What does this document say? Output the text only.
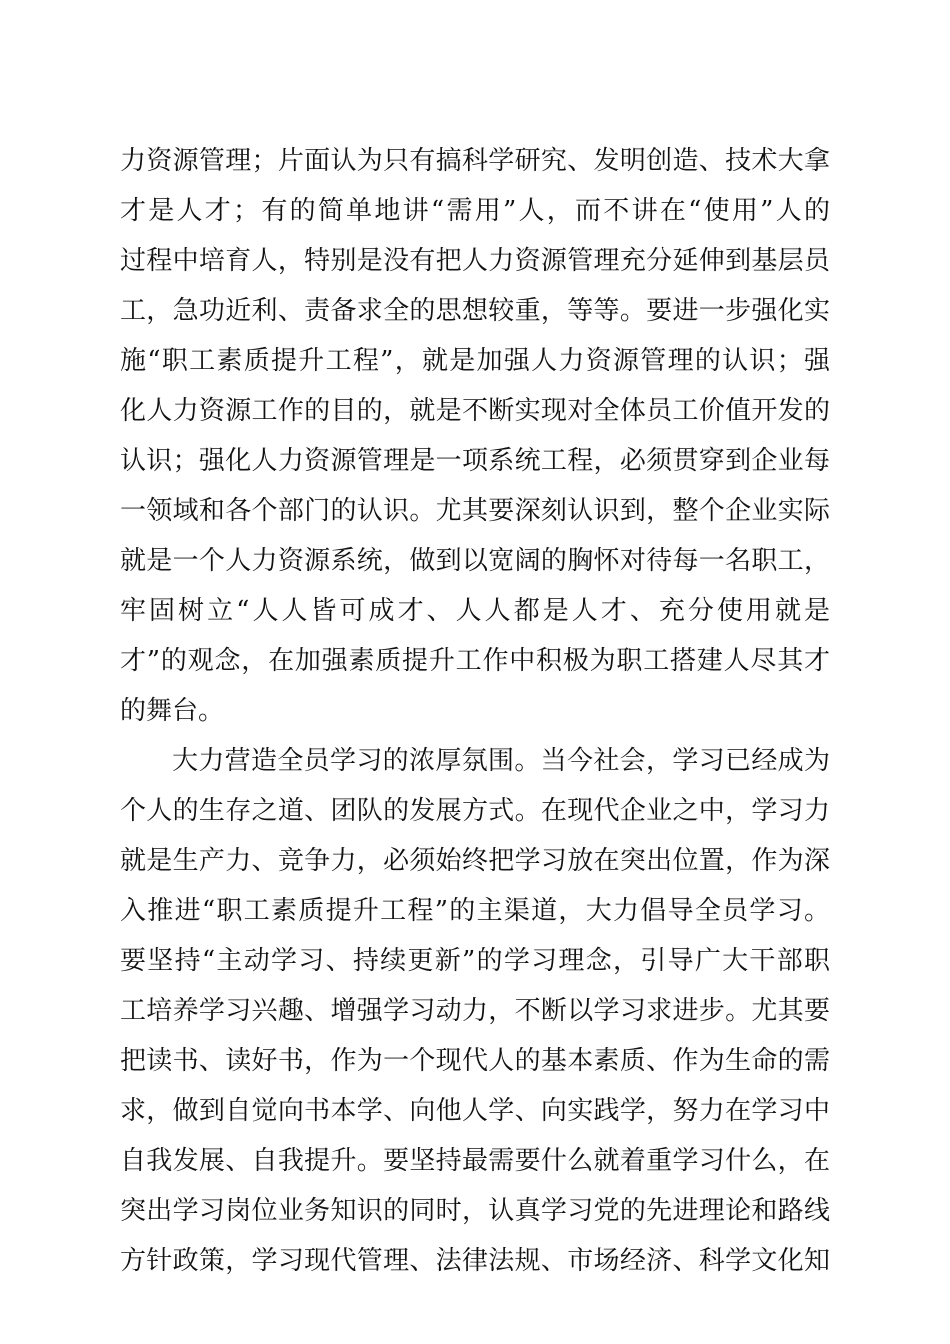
力资源管理；片面认为只有搞科学研究、发明创造、技术大拿
才是人才；有的简单地讲“需用”人，而不讲在“使用”人的
过程中培育人，特别是没有把人力资源管理充分延伸到基层员
工，急功近利、责备求全的思想较重，等等。要进一步强化实
施“职工素质提升工程”，就是加强人力资源管理的认识；强
化人力资源工作的目的，就是不断实现对全体员工价值开发的
认识；强化人力资源管理是一项系统工程，必须贯穿到企业每
一领域和各个部门的认识。尤其要深刻认识到，整个企业实际
就是一个人力资源系统，做到以宽阔的胸怀对待每一名职工，
牢固树立“人人皆可成才、人人都是人才、充分使用就是
才”的观念，在加强素质提升工作中积极为职工搭建人尽其才
的舞台。
大力营造全员学习的浓厚氛围。当今社会，学习已经成为
个人的生存之道、团队的发展方式。在现代企业之中，学习力
就是生产力、竞争力，必须始终把学习放在突出位置，作为深
入推进“职工素质提升工程”的主渠道，大力倡导全员学习。
要坚持“主动学习、持续更新”的学习理念，引导广大干部职
工培养学习兴趣、增强学习动力，不断以学习求进步。尤其要
把读书、读好书，作为一个现代人的基本素质、作为生命的需
求，做到自觉向书本学、向他人学、向实践学，努力在学习中
自我发展、自我提升。要坚持最需要什么就着重学习什么，在
突出学习岗位业务知识的同时，认真学习党的先进理论和路线
方针政策，学习现代管理、法律法规、市场经济、科学文化知
